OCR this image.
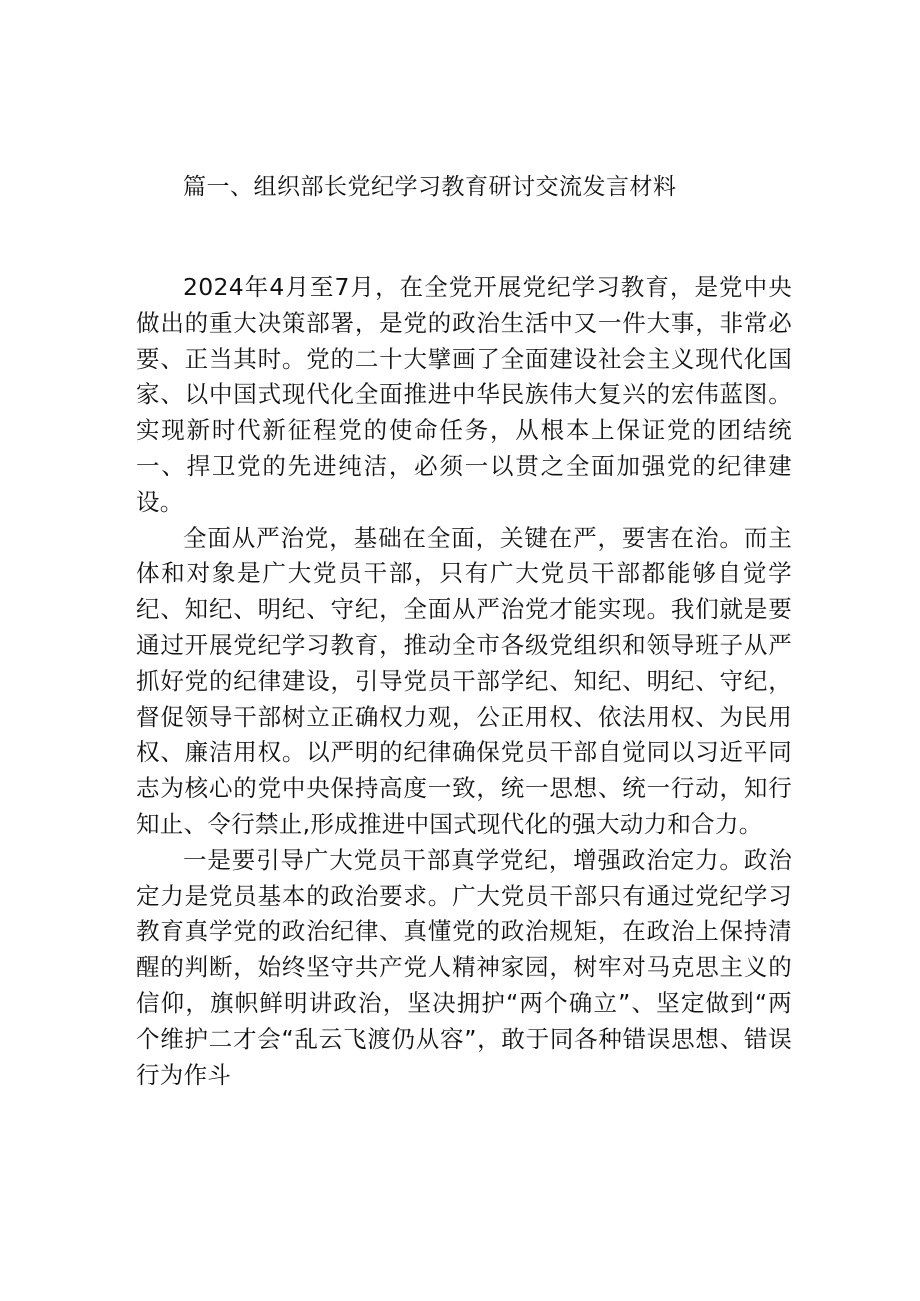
篇一、组织部长党纪学习教育研讨交流发言材料

2024年4月至7月，在全党开展党纪学习教育，是党中央做出的重大决策部署，是党的政治生活中又一件大事，非常必要、正当其时。党的二十大擘画了全面建设社会主义现代化国家、以中国式现代化全面推进中华民族伟大复兴的宏伟蓝图。实现新时代新征程党的使命任务，从根本上保证党的团结统一、捍卫党的先进纯洁，必须一以贯之全面加强党的纪律建设。

全面从严治党，基础在全面，关键在严，要害在治。而主体和对象是广大党员干部，只有广大党员干部都能够自觉学纪、知纪、明纪、守纪，全面从严治党才能实现。我们就是要通过开展党纪学习教育，推动全市各级党组织和领导班子从严抓好党的纪律建设，引导党员干部学纪、知纪、明纪、守纪，督促领导干部树立正确权力观，公正用权、依法用权、为民用权、廉洁用权。以严明的纪律确保党员干部自觉同以习近平同志为核心的党中央保持高度一致，统一思想、统一行动，知行知止、令行禁止,形成推进中国式现代化的强大动力和合力。

一是要引导广大党员干部真学党纪，增强政治定力。政治定力是党员基本的政治要求。广大党员干部只有通过党纪学习教育真学党的政治纪律、真懂党的政治规矩，在政治上保持清醒的判断，始终坚守共产党人精神家园，树牢对马克思主义的信仰，旗帜鲜明讲政治，坚决拥护“两个确立”、坚定做到“两个维护二才会“乱云飞渡仍从容”，敢于同各种错误思想、错误行为作斗
